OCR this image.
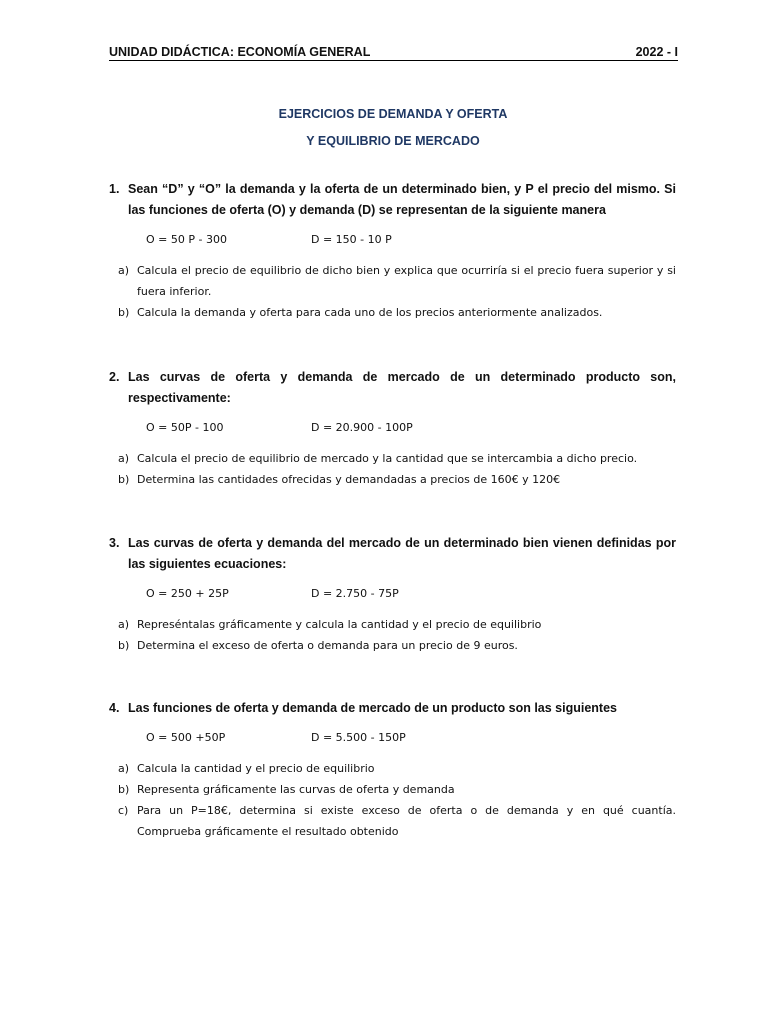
UNIDAD DIDÁCTICA: ECONOMÍA GENERAL	2022 - I
EJERCICIOS DE DEMANDA Y OFERTA
Y EQUILIBRIO DE MERCADO
1. Sean “D” y “O” la demanda y la oferta de un determinado bien, y P el precio del mismo. Si las funciones de oferta (O) y demanda (D) se representan de la siguiente manera
O = 50 P - 300	D = 150 - 10 P
a) Calcula el precio de equilibrio de dicho bien y explica que ocurriría si el precio fuera superior y si fuera inferior.
b) Calcula la demanda y oferta para cada uno de los precios anteriormente analizados.
2. Las curvas de oferta y demanda de mercado de un determinado producto son, respectivamente:
O = 50P - 100	D = 20.900 - 100P
a) Calcula el precio de equilibrio de mercado y la cantidad que se intercambia a dicho precio.
b) Determina las cantidades ofrecidas y demandadas a precios de 160€ y 120€
3. Las curvas de oferta y demanda del mercado de un determinado bien vienen definidas por las siguientes ecuaciones:
O = 250 + 25P	D = 2.750 - 75P
a) Represéntalas gráficamente y calcula la cantidad y el precio de equilibrio
b) Determina el exceso de oferta o demanda para un precio de 9 euros.
4. Las funciones de oferta y demanda de mercado de un producto son las siguientes
O = 500 +50P	D = 5.500 - 150P
a) Calcula la cantidad y el precio de equilibrio
b) Representa gráficamente las curvas de oferta y demanda
c) Para un P=18€, determina si existe exceso de oferta o de demanda y en qué cuantía. Comprueba gráficamente el resultado obtenido
